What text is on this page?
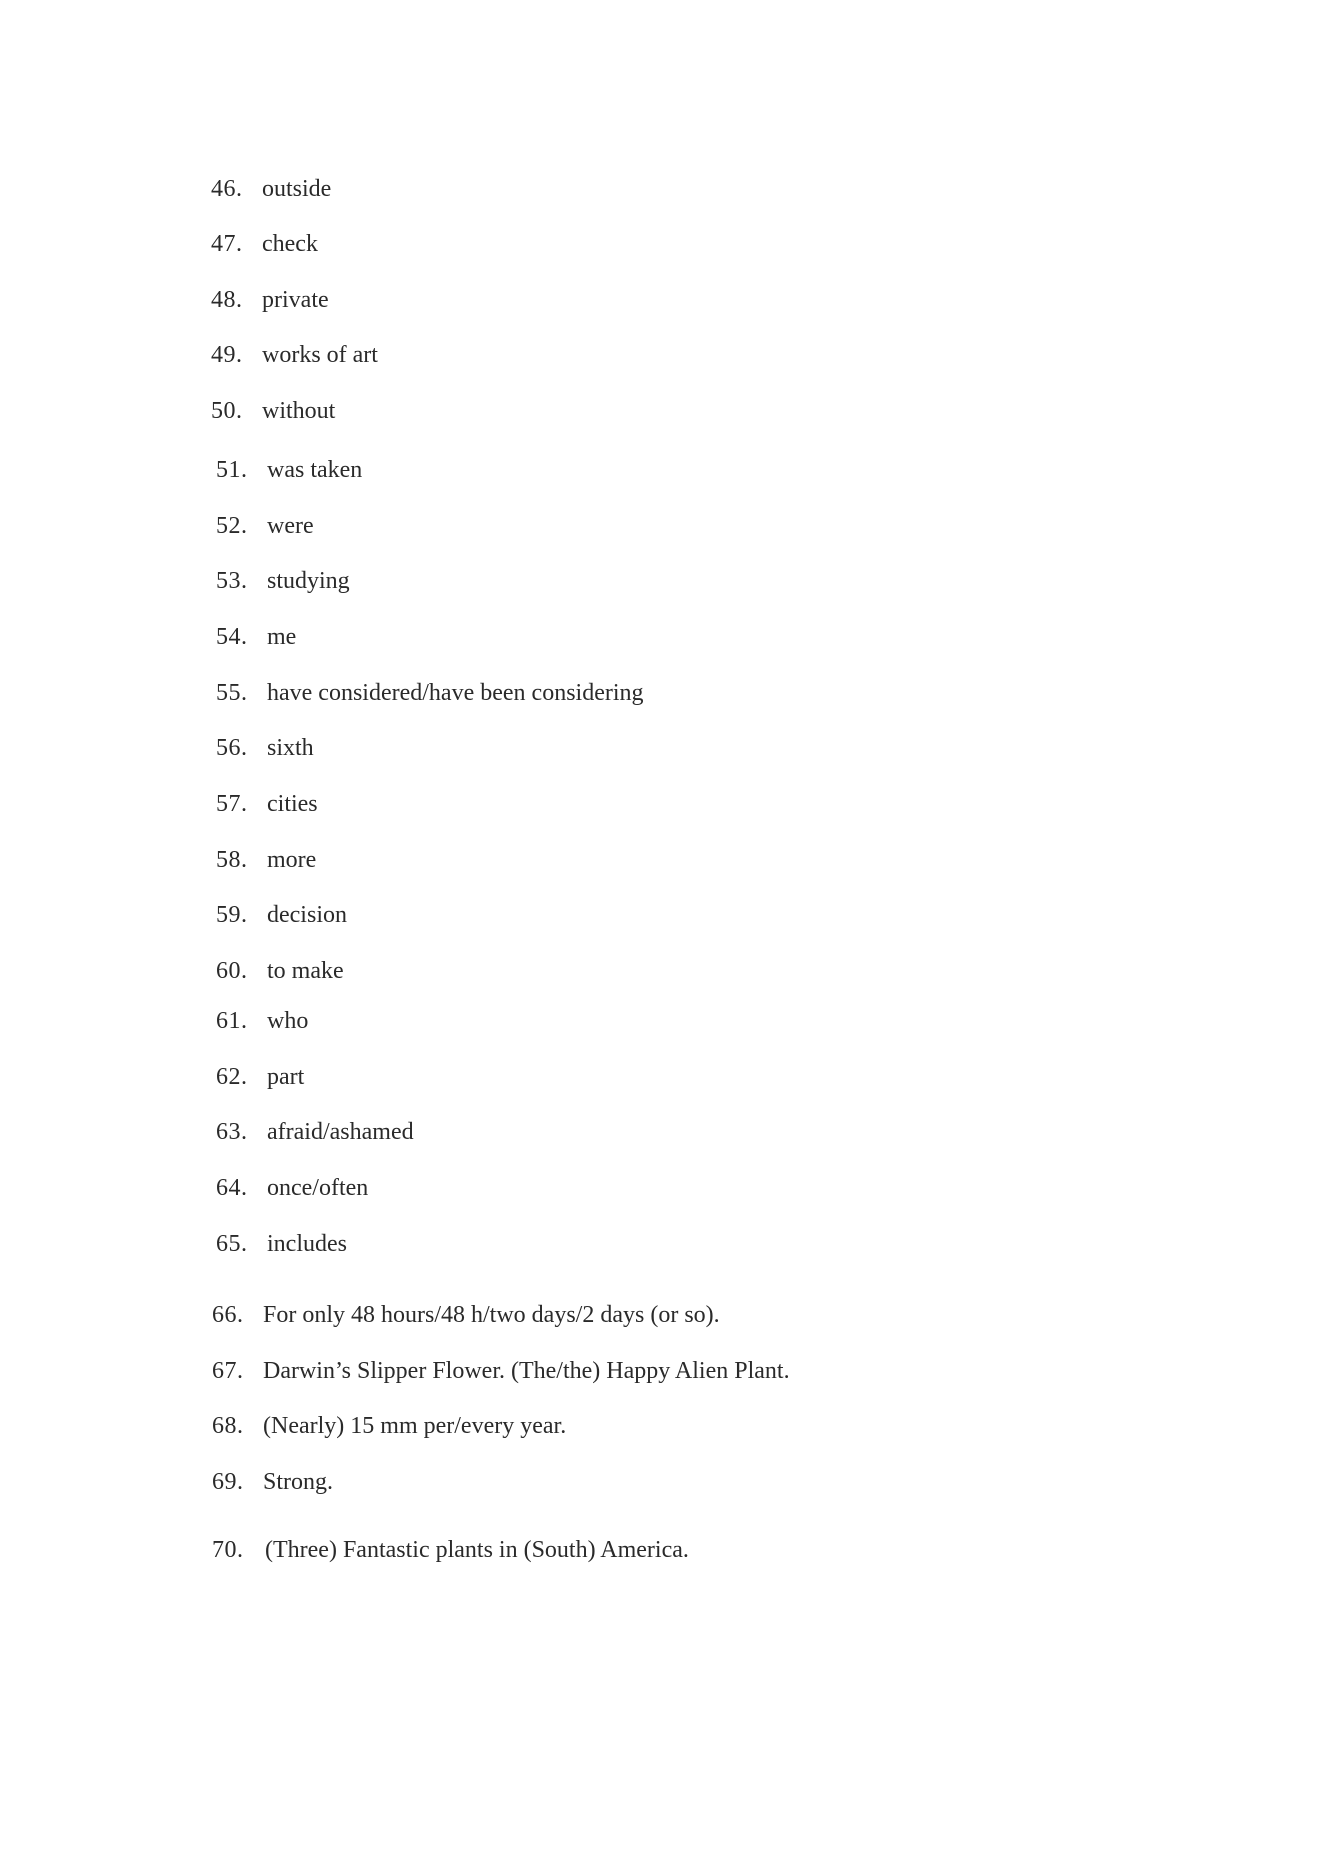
46. outside
47. check
48. private
49. works of art
50. without
51. was taken
52. were
53. studying
54. me
55. have considered/have been considering
56. sixth
57. cities
58. more
59. decision
60. to make
61. who
62. part
63. afraid/ashamed
64. once/often
65. includes
66. For only 48 hours/48 h/two days/2 days (or so).
67. Darwin’s Slipper Flower. (The/the) Happy Alien Plant.
68. (Nearly) 15 mm per/every year.
69. Strong.
70. (Three) Fantastic plants in (South) America.
